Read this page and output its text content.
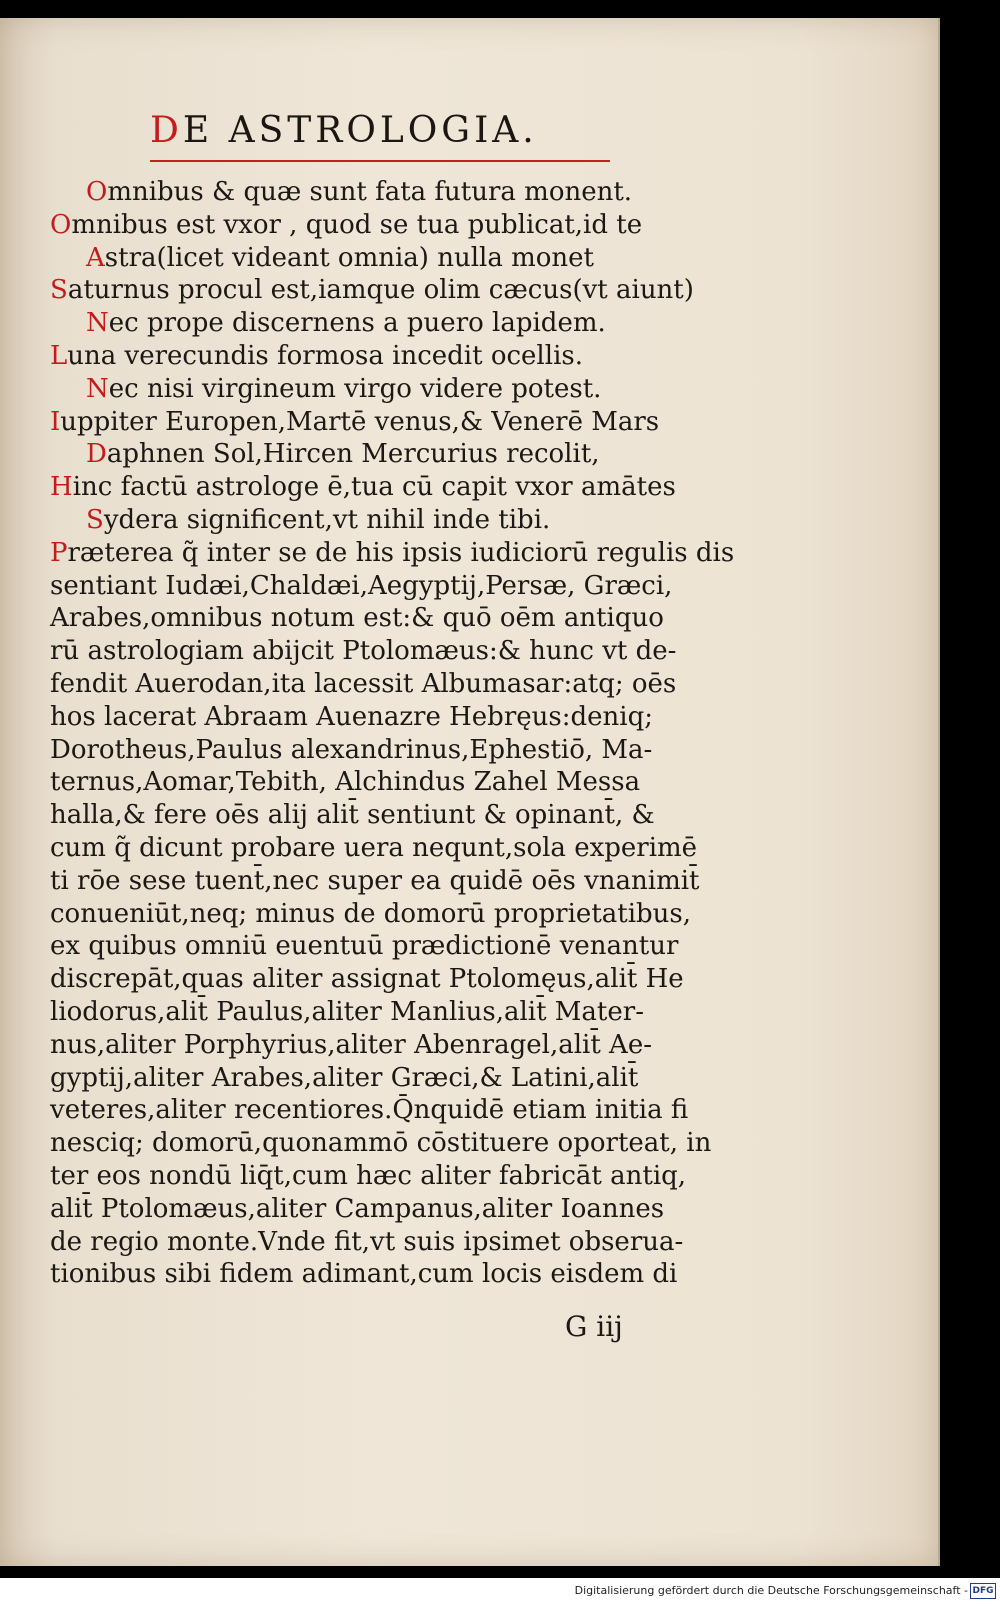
DE ASTROLOGIA.
Omnibus & quæ sunt fata futura monent.
Omnibus est vxor , quod se tua publicat,id te
Astra(licet videant omnia) nulla monet
Saturnus procul est,iamque olim cæcus(vt aiunt)
Nec prope discernens a puero lapidem.
Luna verecundis formosa incedit ocellis.
Nec nisi virgineum virgo videre potest.
Iuppiter Europen,Martē venus,& Venerē Mars
Daphnen Sol,Hircen Mercurius recolit,
Hinc factū astrologe ē,tua cū capit vxor amātes
Sydera significent,vt nihil inde tibi.
Præterea q̃ inter se de his ipsis iudiciorū regulis dis
sentiant Iudæi,Chaldæi,Aegyptij,Persæ, Græci,
Arabes,omnibus notum est:& quō oēm antiquo
rū astrologiam abijcit Ptolomæus:& hunc vt de-
fendit Auerodan,ita lacessit Albumasar:atq; oēs
hos lacerat Abraam Auenazre Hebręus:deniq;
Dorotheus,Paulus alexandrinus,Ephestiō, Ma-
ternus,Aomar,Tebith, Alchindus Zahel Messa
halla,& fere oēs alij alit̄ sentiunt & opinant̄, &
cum q̃ dicunt probare uera nequnt,sola experimē
ti rōe sese tuent̄,nec super ea quidē oēs vnanimit̄
conueniūt,neq; minus de domorū proprietatibus,
ex quibus omniū euentuū prædictionē venantur
discrepāt,quas aliter assignat Ptolomęus,alit̄ He
liodorus,alit̄ Paulus,aliter Manlius,alit̄ Mater-
nus,aliter Porphyrius,aliter Abenragel,alit̄ Ae-
gyptij,aliter Arabes,aliter Græci,& Latini,alit̄
veteres,aliter recentiores.Q̄nquidē etiam initia fi
nesciq; domorū,quonammō cōstituere oporteat, in
ter eos nondū liq̄t,cum hæc aliter fabricāt antiq,
alit̄ Ptolomæus,aliter Campanus,aliter Ioannes
de regio monte.Vnde fit,vt suis ipsimet obserua-
tionibus sibi fidem adimant,cum locis eisdem di
G iij
Digitalisierung gefördert durch die Deutsche Forschungsgemeinschaft - DFG
